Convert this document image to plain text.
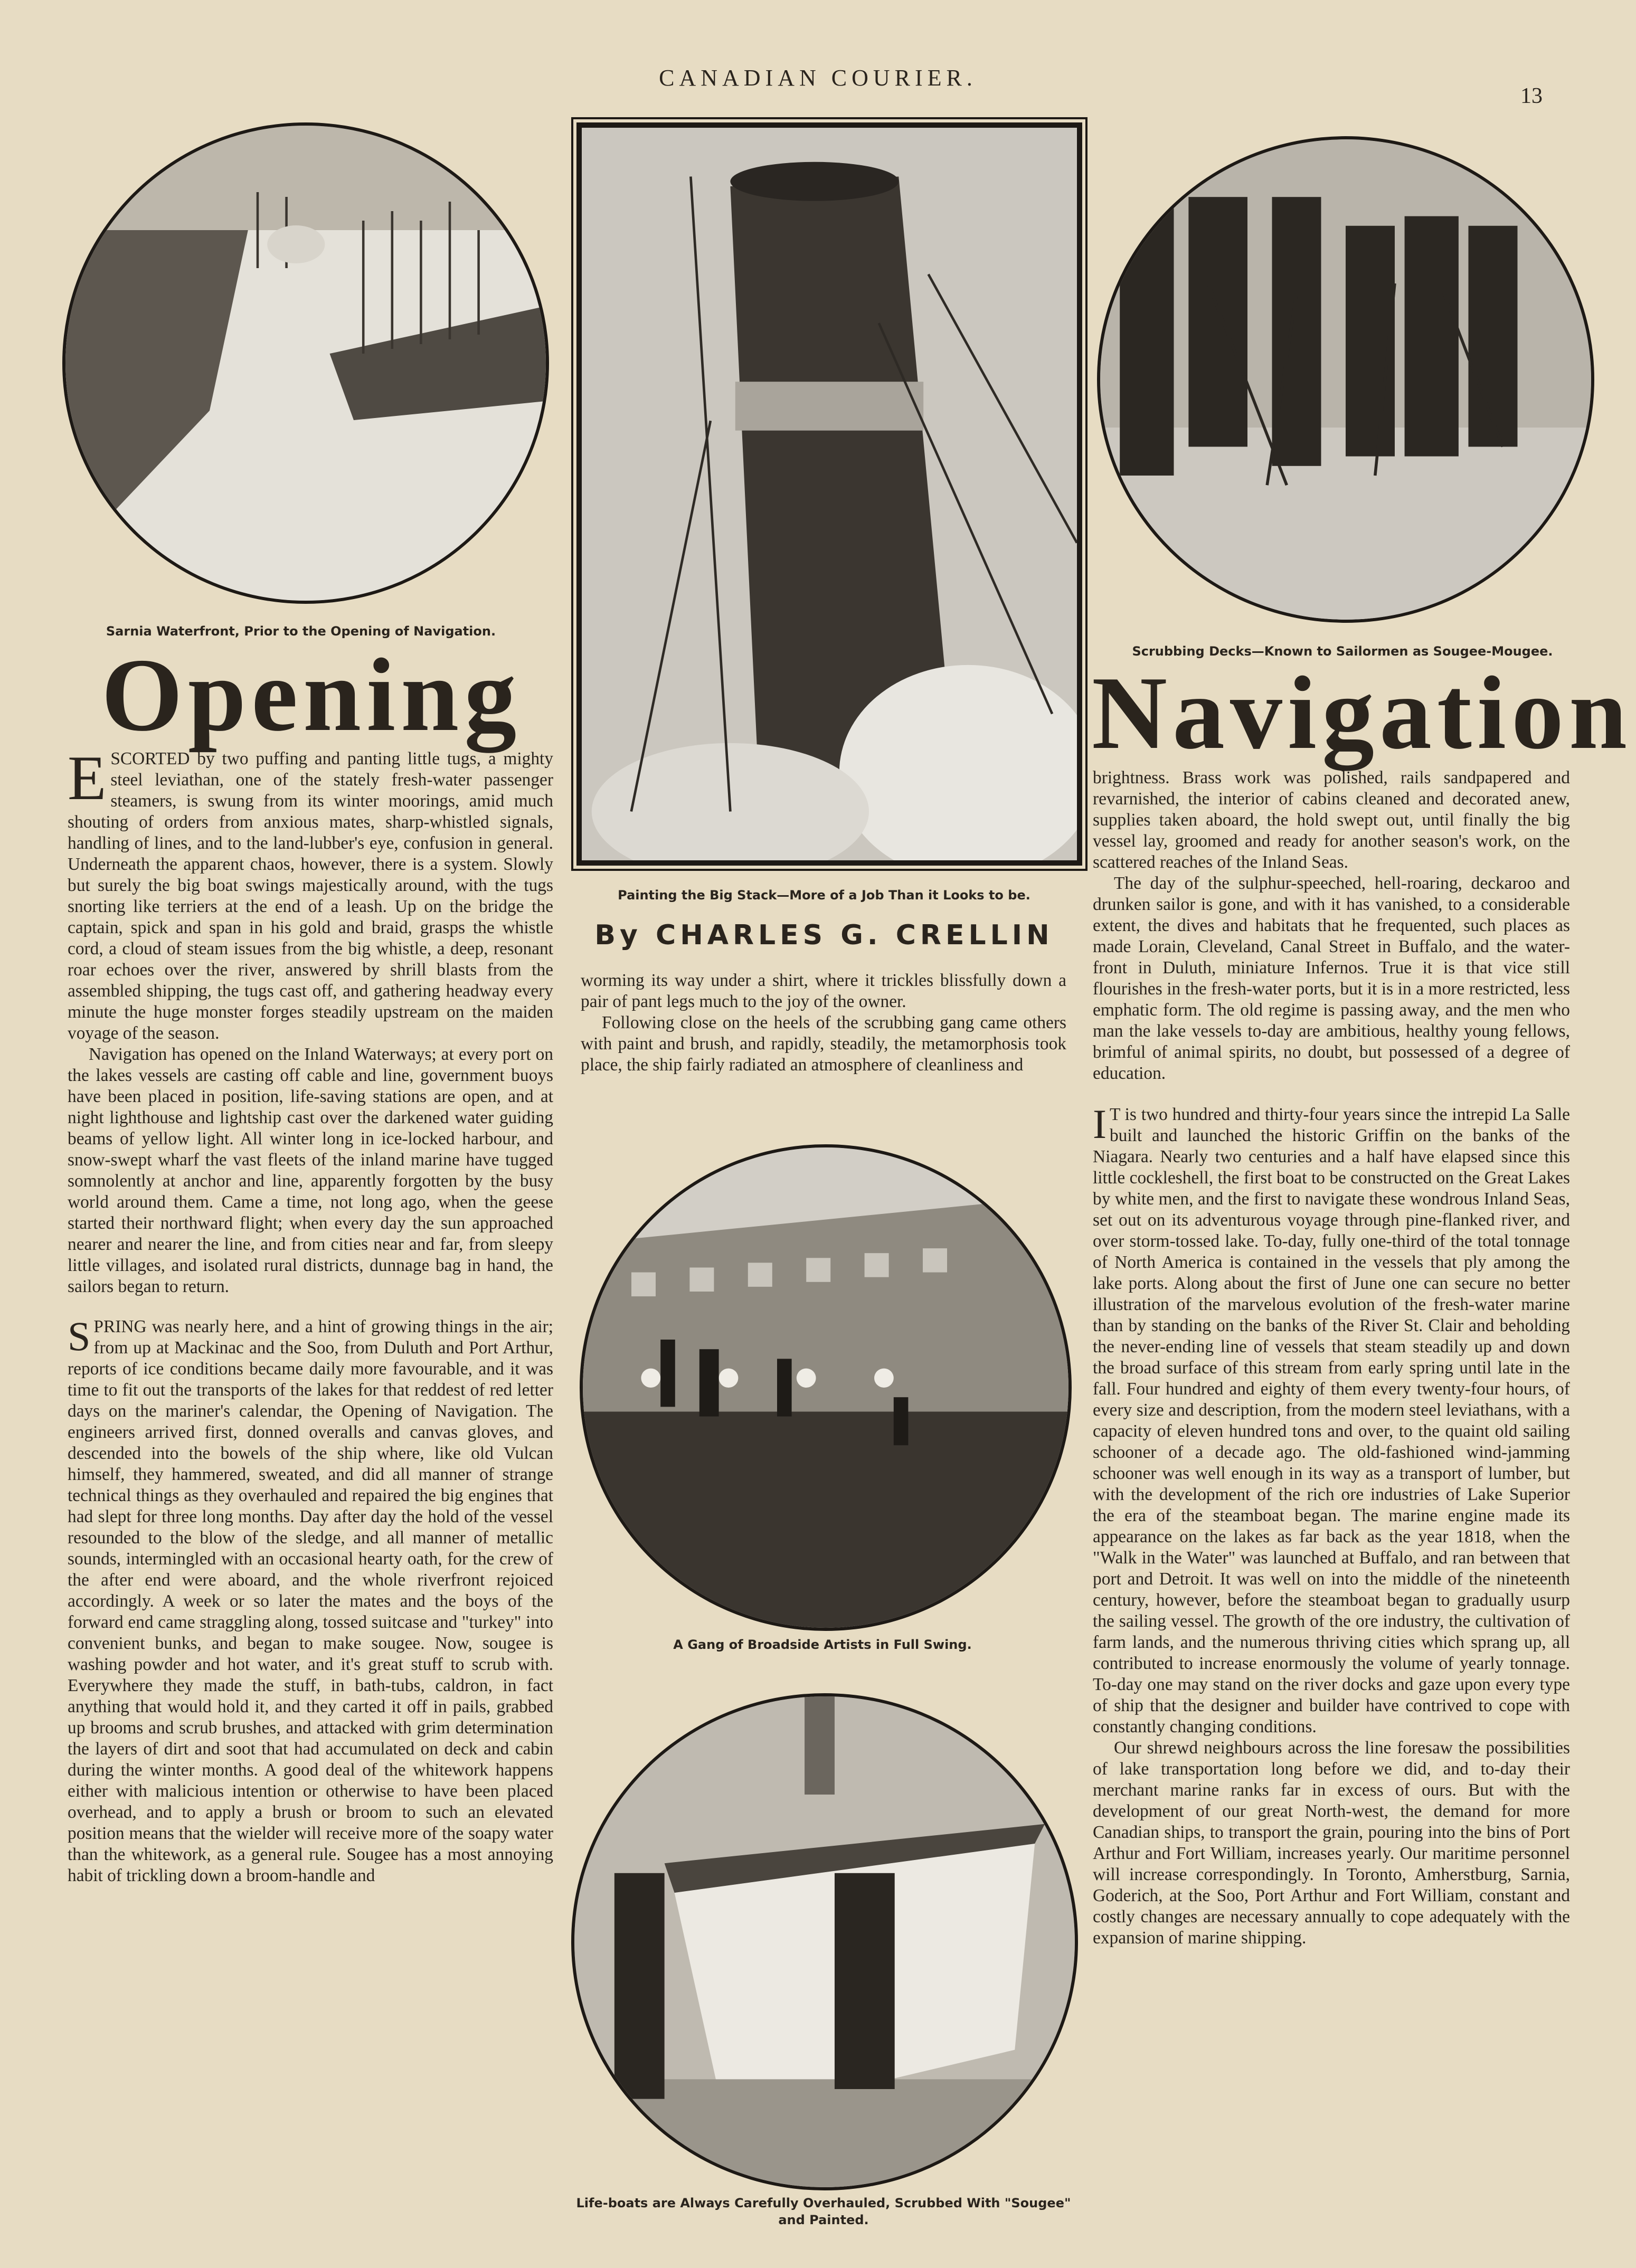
CANADIAN COURIER.
13
Sarnia Waterfront, Prior to the Opening of Navigation.
Painting the Big Stack—More of a Job Than it Looks to be.
Scrubbing Decks—Known to Sailormen as Sougee-Mougee.
Opening	Navigation
By CHARLES G. CRELLIN

ESCORTED by two puffing and panting little tugs, a mighty steel leviathan, one of the stately fresh-water passenger steamers, is swung from its winter moorings, amid much shouting of orders from anxious mates, sharp-whistled signals, handling of lines, and to the land-lubber's eye, confusion in general. Underneath the apparent chaos, however, there is a system. Slowly but surely the big boat swings majestically around, with the tugs snorting like terriers at the end of a leash. Up on the bridge the captain, spick and span in his gold and braid, grasps the whistle cord, a cloud of steam issues from the big whistle, a deep, resonant roar echoes over the river, answered by shrill blasts from the assembled shipping, the tugs cast off, and gathering headway every minute the huge monster forges steadily upstream on the maiden voyage of the season.

Navigation has opened on the Inland Waterways; at every port on the lakes vessels are casting off cable and line, government buoys have been placed in position, life-saving stations are open, and at night lighthouse and lightship cast over the darkened water guiding beams of yellow light. All winter long in ice-locked harbour, and snow-swept wharf the vast fleets of the inland marine have tugged somnolently at anchor and line, apparently forgotten by the busy world around them. Came a time, not long ago, when the geese started their northward flight; when every day the sun approached nearer and nearer the line, and from cities near and far, from sleepy little villages, and isolated rural districts, dunnage bag in hand, the sailors began to return.

SPRING was nearly here, and a hint of growing things in the air; from up at Mackinac and the Soo, from Duluth and Port Arthur, reports of ice conditions became daily more favourable, and it was time to fit out the transports of the lakes for that reddest of red letter days on the mariner's calendar, the Opening of Navigation. The engineers arrived first, donned overalls and canvas gloves, and descended into the bowels of the ship where, like old Vulcan himself, they hammered, sweated, and did all manner of strange technical things as they overhauled and repaired the big engines that had slept for three long months. Day after day the hold of the vessel resounded to the blow of the sledge, and all manner of metallic sounds, intermingled with an occasional hearty oath, for the crew of the after end were aboard, and the whole riverfront rejoiced accordingly. A week or so later the mates and the boys of the forward end came straggling along, tossed suitcase and "turkey" into convenient bunks, and began to make sougee. Now, sougee is washing powder and hot water, and it's great stuff to scrub with. Everywhere they made the stuff, in bath-tubs, caldron, in fact anything that would hold it, and they carted it off in pails, grabbed up brooms and scrub brushes, and attacked with grim determination the layers of dirt and soot that had accumulated on deck and cabin during the winter months. A good deal of the whitework happens either with malicious intention or otherwise to have been placed overhead, and to apply a brush or broom to such an elevated position means that the wielder will receive more of the soapy water than the whitework, as a general rule. Sougee has a most annoying habit of trickling down a broom-handle and

worming its way under a shirt, where it trickles blissfully down a pair of pant legs much to the joy of the owner.

Following close on the heels of the scrubbing gang came others with paint and brush, and rapidly, steadily, the metamorphosis took place, the ship fairly radiated an atmosphere of cleanliness and

A Gang of Broadside Artists in Full Swing.
Life-boats are Always Carefully Overhauled, Scrubbed With "Sougee" and Painted.

brightness. Brass work was polished, rails sandpapered and revarnished, the interior of cabins cleaned and decorated anew, supplies taken aboard, the hold swept out, until finally the big vessel lay, groomed and ready for another season's work, on the scattered reaches of the Inland Seas.

The day of the sulphur-speeched, hell-roaring, deckaroo and drunken sailor is gone, and with it has vanished, to a considerable extent, the dives and habitats that he frequented, such places as made Lorain, Cleveland, Canal Street in Buffalo, and the water-front in Duluth, miniature Infernos. True it is that vice still flourishes in the fresh-water ports, but it is in a more restricted, less emphatic form. The old regime is passing away, and the men who man the lake vessels to-day are ambitious, healthy young fellows, brimful of animal spirits, no doubt, but possessed of a degree of education.

I T is two hundred and thirty-four years since the intrepid La Salle built and launched the historic Griffin on the banks of the Niagara. Nearly two centuries and a half have elapsed since this little cockleshell, the first boat to be constructed on the Great Lakes by white men, and the first to navigate these wondrous Inland Seas, set out on its adventurous voyage through pine-flanked river, and over storm-tossed lake. To-day, fully one-third of the total tonnage of North America is contained in the vessels that ply among the lake ports. Along about the first of June one can secure no better illustration of the marvelous evolution of the fresh-water marine than by standing on the banks of the River St. Clair and beholding the never-ending line of vessels that steam steadily up and down the broad surface of this stream from early spring until late in the fall. Four hundred and eighty of them every twenty-four hours, of every size and description, from the modern steel leviathans, with a capacity of eleven hundred tons and over, to the quaint old sailing schooner of a decade ago. The old-fashioned wind-jamming schooner was well enough in its way as a transport of lumber, but with the development of the rich ore industries of Lake Superior the era of the steamboat began. The marine engine made its appearance on the lakes as far back as the year 1818, when the "Walk in the Water" was launched at Buffalo, and ran between that port and Detroit. It was well on into the middle of the nineteenth century, however, before the steamboat began to gradually usurp the sailing vessel. The growth of the ore industry, the cultivation of farm lands, and the numerous thriving cities which sprang up, all contributed to increase enormously the volume of yearly tonnage. To-day one may stand on the river docks and gaze upon every type of ship that the designer and builder have contrived to cope with constantly changing conditions.

Our shrewd neighbours across the line foresaw the possibilities of lake transportation long before we did, and to-day their merchant marine ranks far in excess of ours. But with the development of our great North-west, the demand for more Canadian ships, to transport the grain, pouring into the bins of Port Arthur and Fort William, increases yearly. Our maritime personnel will increase correspondingly. In Toronto, Amherstburg, Sarnia, Goderich, at the Soo, Port Arthur and Fort William, constant and costly changes are necessary annually to cope adequately with the expansion of marine shipping.
